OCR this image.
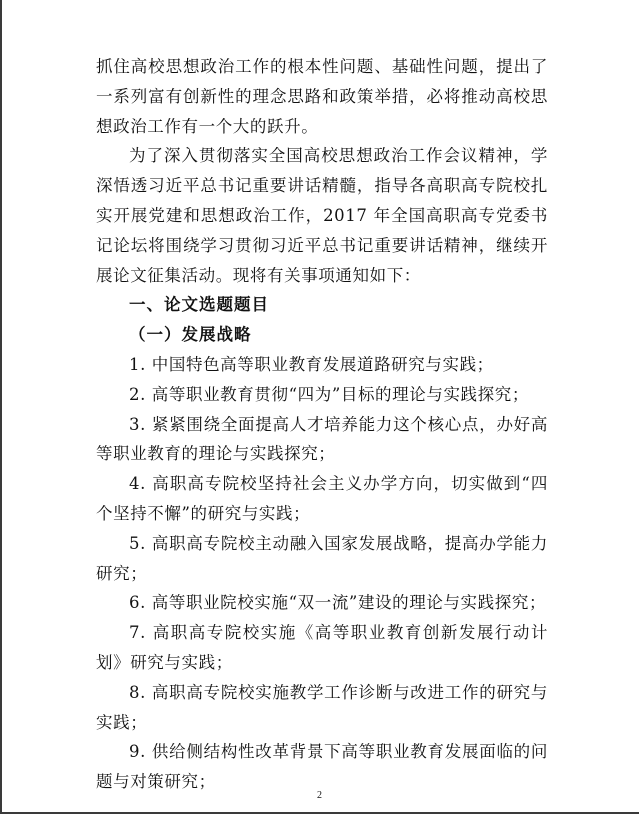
抓住高校思想政治工作的根本性问题、基础性问题，提出了一系列富有创新性的理念思路和政策举措，必将推动高校思想政治工作有一个大的跃升。

为了深入贯彻落实全国高校思想政治工作会议精神，学深悟透习近平总书记重要讲话精髓，指导各高职高专院校扎实开展党建和思想政治工作，2017 年全国高职高专党委书记论坛将围绕学习贯彻习近平总书记重要讲话精神，继续开展论文征集活动。现将有关事项通知如下：

一、论文选题题目

（一）发展战略

1. 中国特色高等职业教育发展道路研究与实践；

2. 高等职业教育贯彻“四为”目标的理论与实践探究；

3. 紧紧围绕全面提高人才培养能力这个核心点，办好高等职业教育的理论与实践探究；

4. 高职高专院校坚持社会主义办学方向，切实做到“四个坚持不懈”的研究与实践；

5. 高职高专院校主动融入国家发展战略，提高办学能力研究；

6. 高等职业院校实施“双一流”建设的理论与实践探究；

7. 高职高专院校实施《高等职业教育创新发展行动计划》研究与实践；

8. 高职高专院校实施教学工作诊断与改进工作的研究与实践；

9. 供给侧结构性改革背景下高等职业教育发展面临的问题与对策研究；

2
